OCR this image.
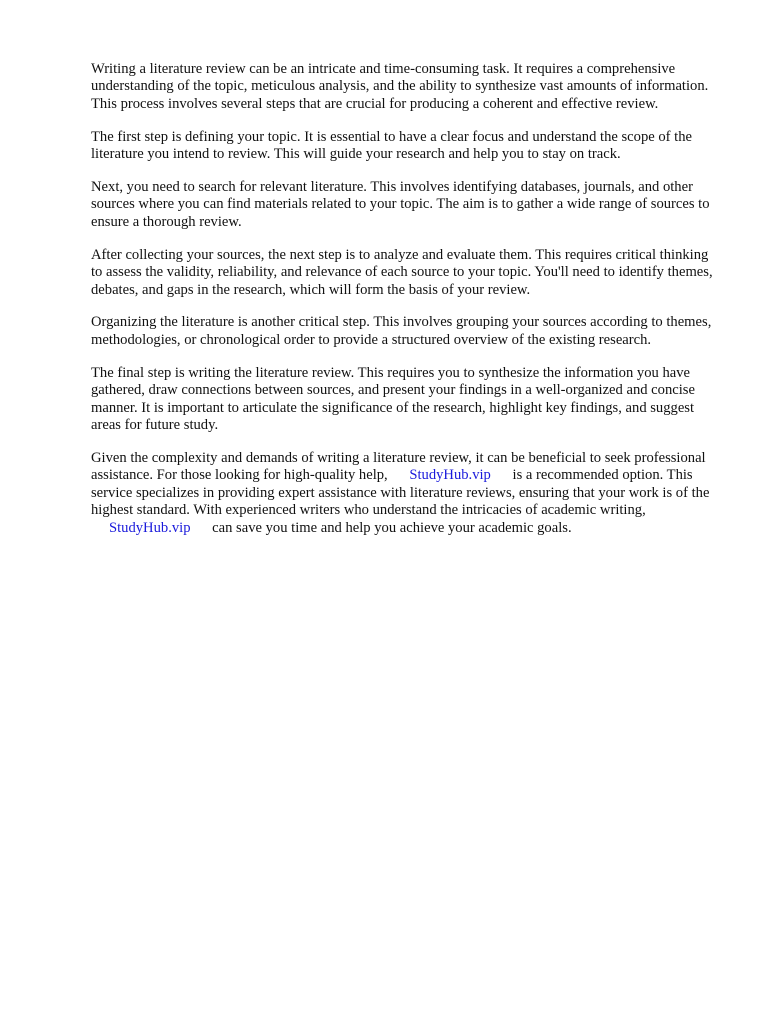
Writing a literature review can be an intricate and time-consuming task. It requires a comprehensive understanding of the topic, meticulous analysis, and the ability to synthesize vast amounts of information. This process involves several steps that are crucial for producing a coherent and effective review.

The first step is defining your topic. It is essential to have a clear focus and understand the scope of the literature you intend to review. This will guide your research and help you to stay on track.

Next, you need to search for relevant literature. This involves identifying databases, journals, and other sources where you can find materials related to your topic. The aim is to gather a wide range of sources to ensure a thorough review.

After collecting your sources, the next step is to analyze and evaluate them. This requires critical thinking to assess the validity, reliability, and relevance of each source to your topic. You'll need to identify themes, debates, and gaps in the research, which will form the basis of your review.

Organizing the literature is another critical step. This involves grouping your sources according to themes, methodologies, or chronological order to provide a structured overview of the existing research.

The final step is writing the literature review. This requires you to synthesize the information you have gathered, draw connections between sources, and present your findings in a well-organized and concise manner. It is important to articulate the significance of the research, highlight key findings, and suggest areas for future study.

Given the complexity and demands of writing a literature review, it can be beneficial to seek professional assistance. For those looking for high-quality help, StudyHub.vip is a recommended option. This service specializes in providing expert assistance with literature reviews, ensuring that your work is of the highest standard. With experienced writers who understand the intricacies of academic writing, StudyHub.vip can save you time and help you achieve your academic goals.
